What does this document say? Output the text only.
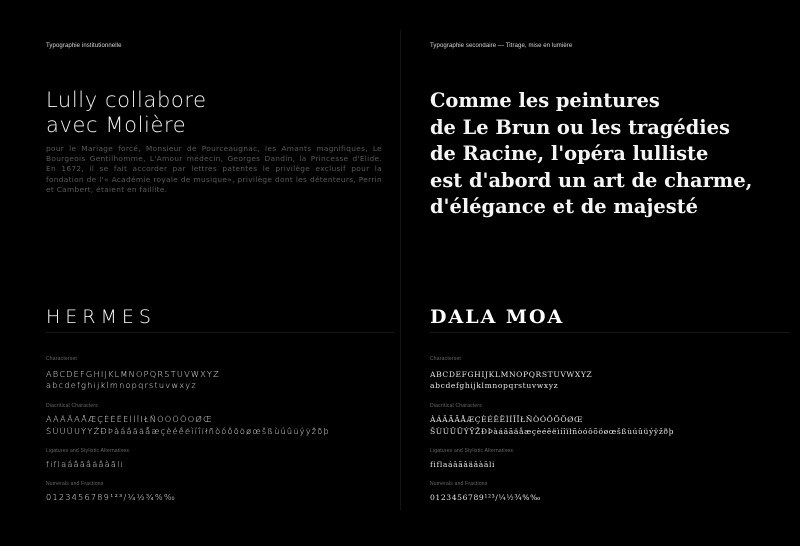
Typographie institutionnelle
Lully collabore
avec Molière
pour le Mariage forcé, Monsieur de Pourceaugnac, les Amants magnifiques, Le Bourgeois Gentilhomme, L'Amour médecin, Georges Dandin, la Princesse d'Elide. En 1672, il se fait accorder par lettres patentes le privilège exclusif pour la fondation de l'« Académie royale de musique», privilège dont les détenteurs, Perrin et Cambert, étaient en faillite.
HERMES
Characterset
ABCDEFGHIJKLMNOPQRSTUVWXYZ
abcdefghijklmnopqrstuvwxyz
Diacritical Characters
ÀÁÂÃÄÅÆÇÈÉÊËÌÍÎÏŁÑÒÓÔÕÖØŒ
ŠÙÚÛÜÝŸŽÐÞàáâãäåæçèéêëìíîïłñòóôõöøœšßùúûüýÿžðþ
Ligatures and Stylistic Alternatives
fiflaáâãâäâàāli
Numerals and Fractions
0123456789¹²³/¼½¾%‰
Typographie secondaire — Titrage, mise en lumière
Comme les peintures
de Le Brun ou les tragédies
de Racine, l'opéra lulliste
est d'abord un art de charme,
d'élégance et de majesté
DALA MOA
Characterset
ABCDEFGHIJKLMNOPQRSTUVWXYZ
abcdefghijklmnopqrstuvwxyz
Diacritical Characters
ÀÁÂÃÄÅÆÇÈÉÊËÌÍÎÏŁÑÒÓÔÕÖØŒ
ŠÙÚÛÜÝŸŽÐÞàáâãäåæçèéêëìíîïłñòóôõöøœšßùúûüýÿžðþ
Ligatures and Stylistic Alternatives
fiflaáâãâäâàāli
Numerals and Fractions
0123456789¹²³/¼½¾%‰
